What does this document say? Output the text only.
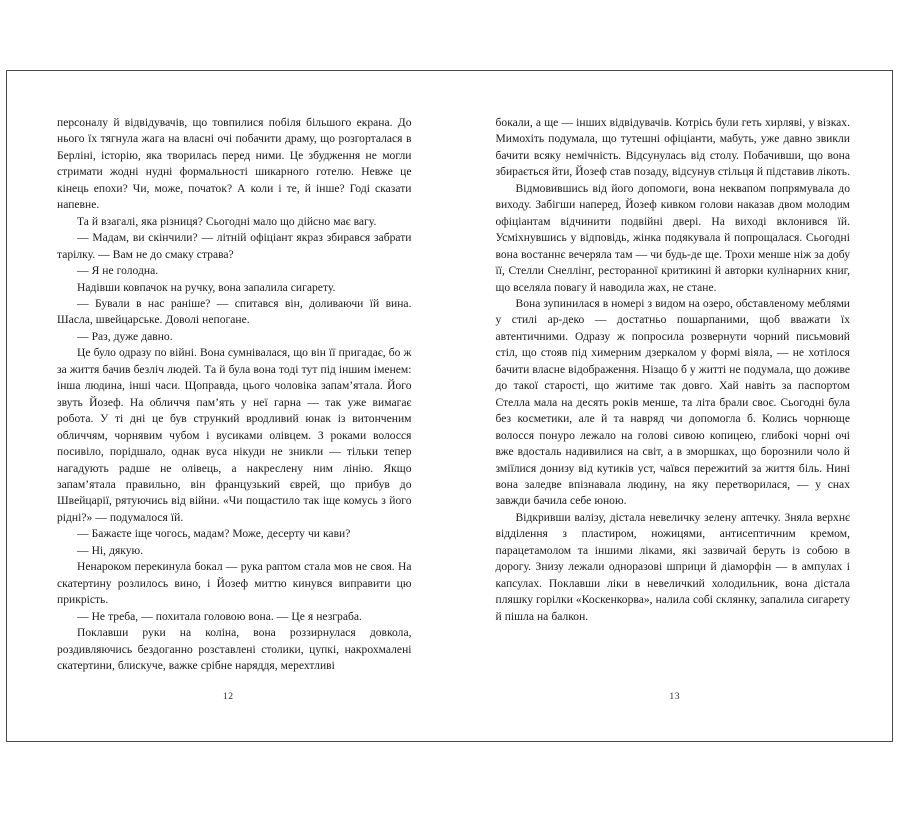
персоналу й відвідувачів, що товпилися побіля більшого екрана. До нього їх тягнула жага на власні очі побачити драму, що розгорталася в Берліні, історію, яка творилась перед ними. Це збудження не могли стримати жодні нудні формальності шикарного готелю. Невже це кінець епохи? Чи, може, початок? А коли і те, й інше? Годі сказати напевне.

Та й взагалі, яка різниця? Сьогодні мало що дійсно має вагу.

— Мадам, ви скінчили? — літній офіціант якраз збирався забрати тарілку. — Вам не до смаку страва?

— Я не голодна.

Надівши ковпачок на ручку, вона запалила сигарету.

— Бували в нас раніше? — спитався він, доливаючи їй вина. Шасла, швейцарське. Доволі непогане.

— Раз, дуже давно.

Це було одразу по війні. Вона сумнівалася, що він її пригадає, бо ж за життя бачив безліч людей. Та й була вона тоді тут під іншим іменем: інша людина, інші часи. Щоправда, цього чоловіка запам’ятала. Його звуть Йозеф. На обличчя пам’ять у неї гарна — так уже вимагає робота. У ті дні це був стрункий вродливий юнак із витонченим обличчям, чорнявим чубом і вусиками олівцем. З роками волосся посивіло, порідшало, однак вуса нікуди не зникли — тільки тепер нагадують радше не олівець, а накреслену ним лінію. Якщо запам’ятала правильно, він французький єврей, що прибув до Швейцарії, рятуючись від війни. «Чи пощастило так іще комусь з його рідні?» — подумалося їй.

— Бажаєте іще чогось, мадам? Може, десерту чи кави?

— Ні, дякую.

Ненароком перекинула бокал — рука раптом стала мов не своя. На скатертину розлилось вино, і Йозеф миттю кинувся виправити цю прикрість.

— Не треба, — похитала головою вона. — Це я незграба.

Поклавши руки на коліна, вона роззирнулася довкола, роздивляючись бездоганно розставлені столики, цупкі, накрохмалені скатертини, блискуче, важке срібне наряддя, мерехтливі

12

бокали, а ще — інших відвідувачів. Котрісь були геть хирляві, у візках. Мимохіть подумала, що тутешні офіціанти, мабуть, уже давно звикли бачити всяку немічність. Відсунулась від столу. Побачивши, що вона збирається йти, Йозеф став позаду, відсунув стільця й підставив лікоть.

Відмовившись від його допомоги, вона неквапом попрямувала до виходу. Забігши наперед, Йозеф кивком голови наказав двом молодим офіціантам відчинити подвійні двері. На виході вклонився їй. Усміхнувшись у відповідь, жінка подякувала й попрощалася. Сьогодні вона востаннє вечеряла там — чи будь-де ще. Трохи менше ніж за добу її, Стелли Снеллінґ, ресторанної критикині й авторки кулінарних книг, що вселяла повагу й наводила жах, не стане.

Вона зупинилася в номері з видом на озеро, обставленому меблями у стилі ар-деко — достатньо пошарпаними, щоб вважати їх автентичними. Одразу ж попросила розвернути чорний письмовий стіл, що стояв під химерним дзеркалом у формі віяла, — не хотілося бачити власне відображення. Нізащо б у житті не подумала, що доживе до такої старості, що житиме так довго. Хай навіть за паспортом Стелла мала на десять років менше, та літа брали своє. Сьогодні була без косметики, але й та навряд чи допомогла б. Колись чорнюще волосся понуро лежало на голові сивою копицею, глибокі чорні очі вже вдосталь надивилися на світ, а в зморшках, що борознили чоло й зміїлися донизу від кутиків уст, чаївся пережитий за життя біль. Нині вона заледве впізнавала людину, на яку перетворилася, — у снах завжди бачила себе юною.

Відкривши валізу, дістала невеличку зелену аптечку. Зняла верхнє відділення з пластиром, ножицями, антисептичним кремом, парацетамолом та іншими ліками, які зазвичай беруть із собою в дорогу. Знизу лежали одноразові шприци й діаморфін — в ампулах і капсулах. Поклавши ліки в невеличкий холодильник, вона дістала пляшку горілки «Коскенкорва», налила собі склянку, запалила сигарету й пішла на балкон.

13
